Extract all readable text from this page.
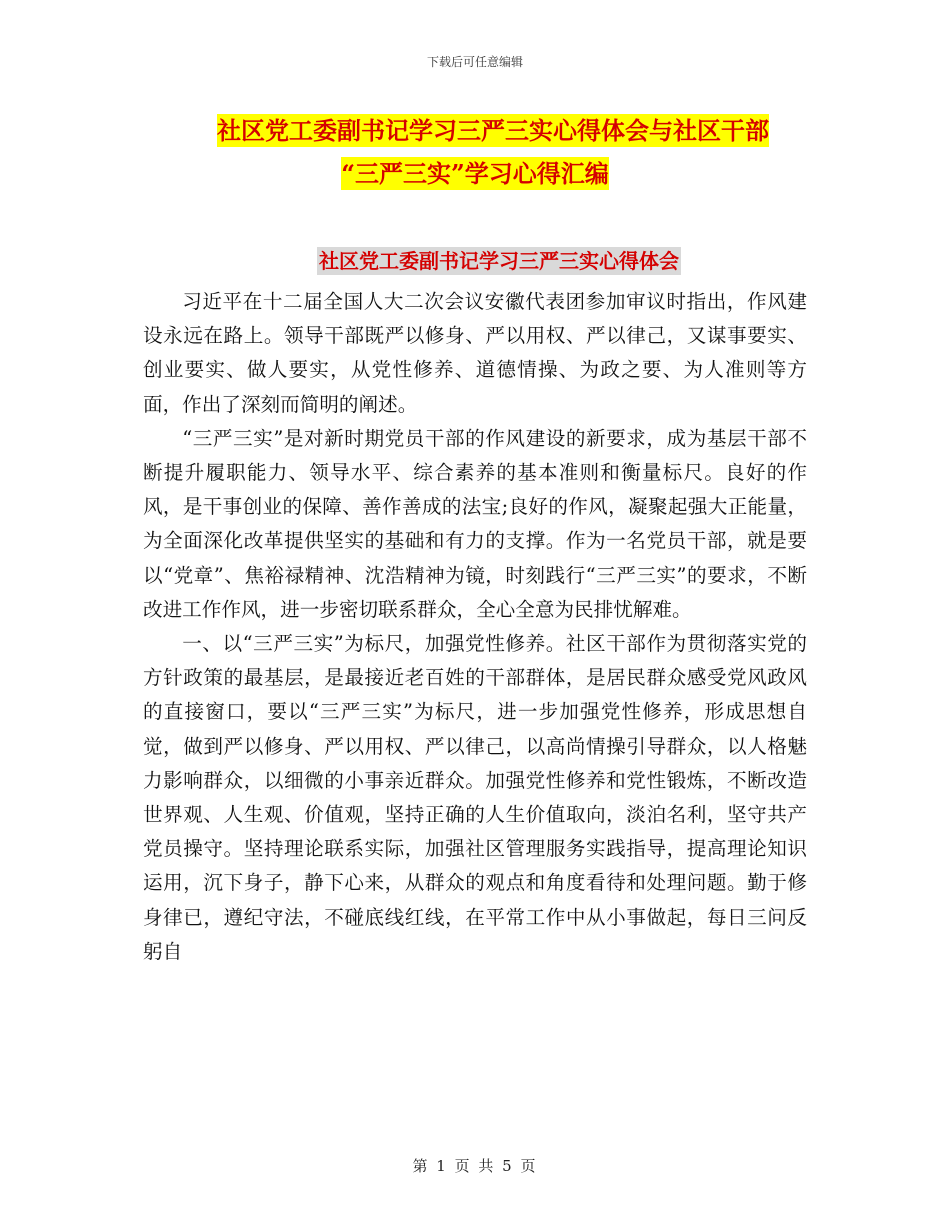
下载后可任意编辑
社区党工委副书记学习三严三实心得体会与社区干部
“三严三实”学习心得汇编
社区党工委副书记学习三严三实心得体会

习近平在十二届全国人大二次会议安徽代表团参加审议时指出，作风建设永远在路上。领导干部既严以修身、严以用权、严以律己，又谋事要实、创业要实、做人要实，从党性修养、道德情操、为政之要、为人准则等方面，作出了深刻而简明的阐述。

“三严三实”是对新时期党员干部的作风建设的新要求，成为基层干部不断提升履职能力、领导水平、综合素养的基本准则和衡量标尺。良好的作风，是干事创业的保障、善作善成的法宝;良好的作风，凝聚起强大正能量，为全面深化改革提供坚实的基础和有力的支撑。作为一名党员干部，就是要以“党章”、焦裕禄精神、沈浩精神为镜，时刻践行“三严三实”的要求，不断改进工作作风，进一步密切联系群众，全心全意为民排忧解难。

一、以“三严三实”为标尺，加强党性修养。社区干部作为贯彻落实党的方针政策的最基层，是最接近老百姓的干部群体，是居民群众感受党风政风的直接窗口，要以“三严三实”为标尺，进一步加强党性修养，形成思想自觉，做到严以修身、严以用权、严以律己，以高尚情操引导群众，以人格魅力影响群众，以细微的小事亲近群众。加强党性修养和党性锻炼，不断改造世界观、人生观、价值观，坚持正确的人生价值取向，淡泊名利，坚守共产党员操守。坚持理论联系实际，加强社区管理服务实践指导，提高理论知识运用，沉下身子，静下心来，从群众的观点和角度看待和处理问题。勤于修身律已，遵纪守法，不碰底线红线，在平常工作中从小事做起，每日三问反躬自

第 1 页 共 5 页
